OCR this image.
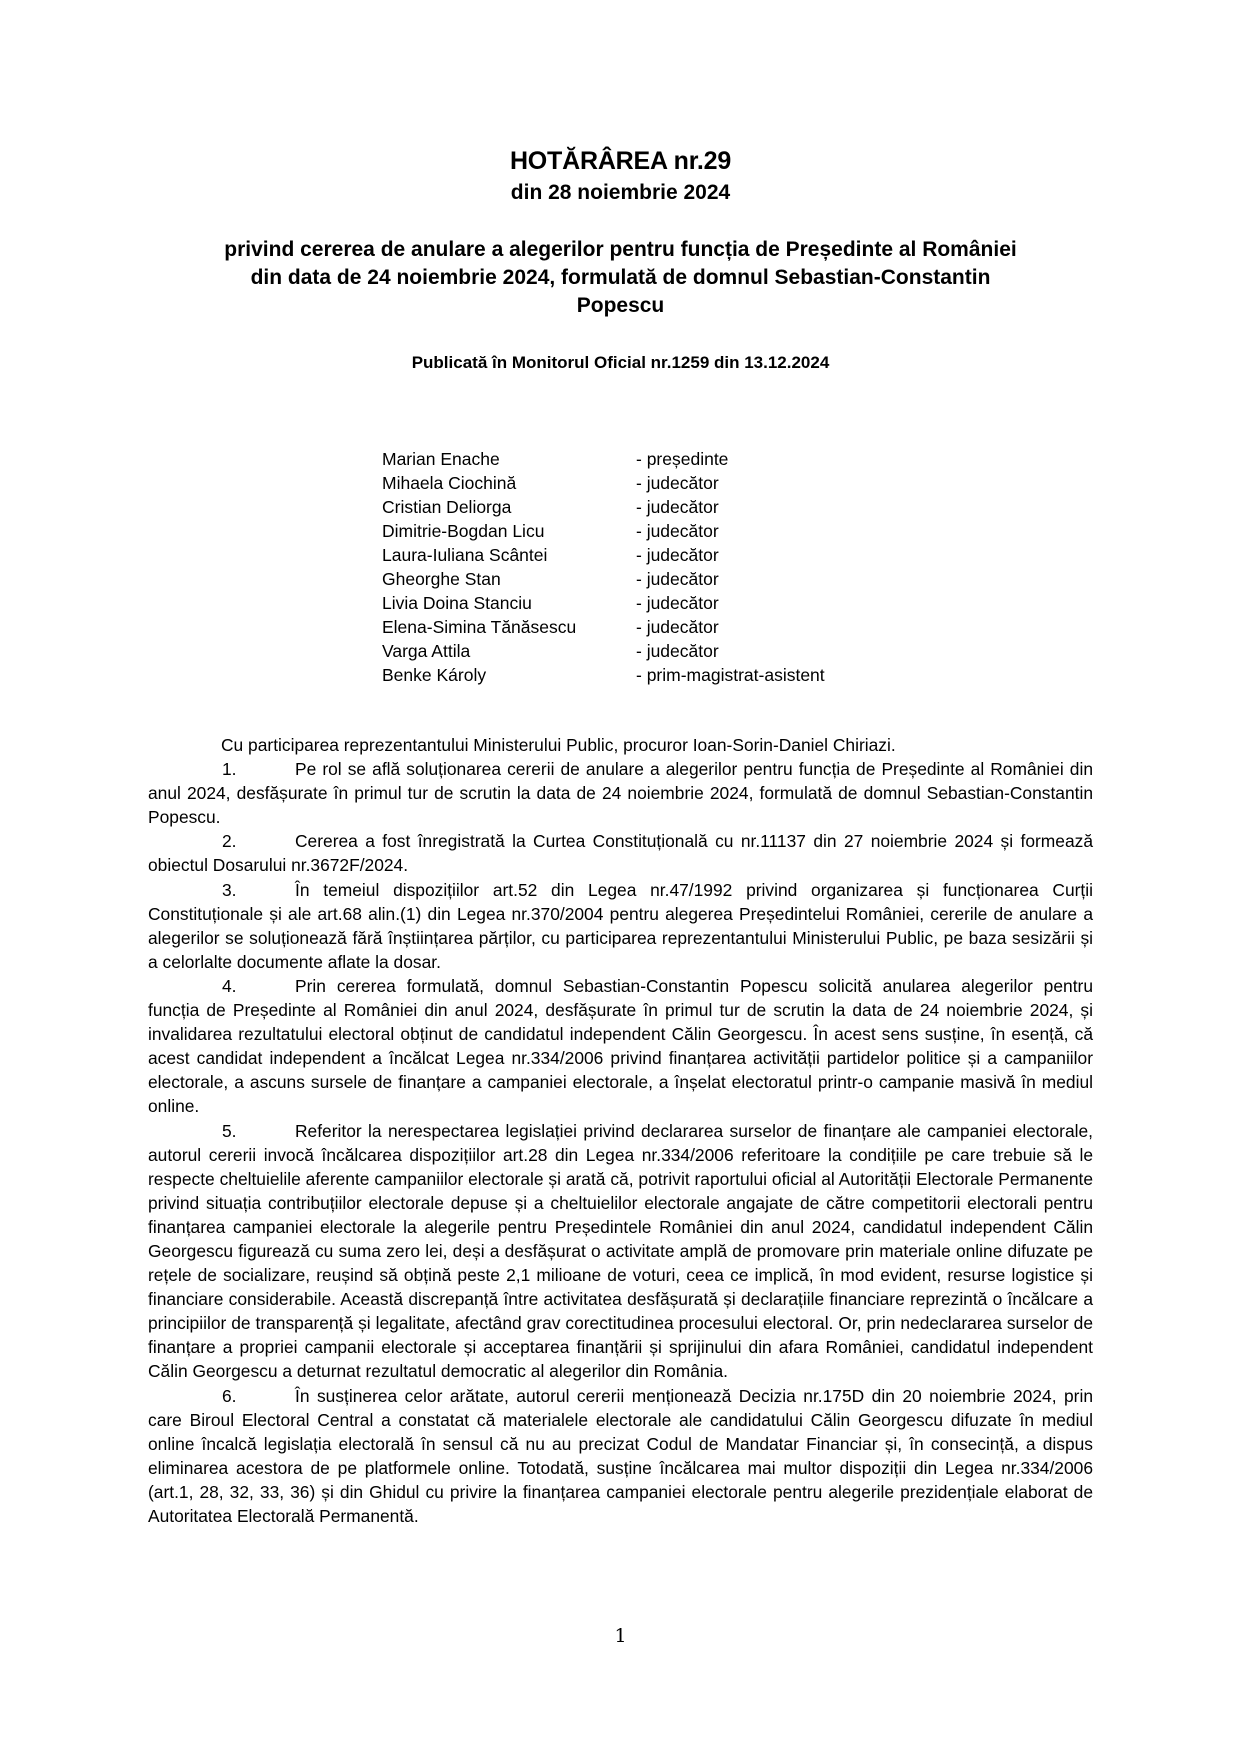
HOTĂRÂREA nr.29
din 28 noiembrie 2024
privind cererea de anulare a alegerilor pentru funcția de Președinte al României
din data de 24 noiembrie 2024, formulată de domnul Sebastian-Constantin
Popescu
Publicată în Monitorul Oficial nr.1259 din 13.12.2024
Marian Enache	- președinte
Mihaela Ciochină	- judecător
Cristian Deliorga	- judecător
Dimitrie-Bogdan Licu	- judecător
Laura-Iuliana Scântei	- judecător
Gheorghe Stan	- judecător
Livia Doina Stanciu	- judecător
Elena-Simina Tănăsescu	- judecător
Varga Attila	- judecător
Benke Károly	- prim-magistrat-asistent

Cu participarea reprezentantului Ministerului Public, procuror Ioan-Sorin-Daniel Chiriazi.

1.	Pe rol se află soluționarea cererii de anulare a alegerilor pentru funcția de Președinte al României din anul 2024, desfășurate în primul tur de scrutin la data de 24 noiembrie 2024, formulată de domnul Sebastian-Constantin Popescu.

2.	Cererea a fost înregistrată la Curtea Constituțională cu nr.11137 din 27 noiembrie 2024 și formează obiectul Dosarului nr.3672F/2024.

3.	În temeiul dispozițiilor art.52 din Legea nr.47/1992 privind organizarea și funcționarea Curții Constituționale și ale art.68 alin.(1) din Legea nr.370/2004 pentru alegerea Președintelui României, cererile de anulare a alegerilor se soluționează fără înștiințarea părților, cu participarea reprezentantului Ministerului Public, pe baza sesizării și a celorlalte documente aflate la dosar.

4.	Prin cererea formulată, domnul Sebastian-Constantin Popescu solicită anularea alegerilor pentru funcția de Președinte al României din anul 2024, desfășurate în primul tur de scrutin la data de 24 noiembrie 2024, și invalidarea rezultatului electoral obținut de candidatul independent Călin Georgescu. În acest sens susține, în esență, că acest candidat independent a încălcat Legea nr.334/2006 privind finanțarea activității partidelor politice și a campaniilor electorale, a ascuns sursele de finanțare a campaniei electorale, a înșelat electoratul printr-o campanie masivă în mediul online.

5.	Referitor la nerespectarea legislației privind declararea surselor de finanțare ale campaniei electorale, autorul cererii invocă încălcarea dispozițiilor art.28 din Legea nr.334/2006 referitoare la condițiile pe care trebuie să le respecte cheltuielile aferente campaniilor electorale și arată că, potrivit raportului oficial al Autorității Electorale Permanente privind situația contribuțiilor electorale depuse și a cheltuielilor electorale angajate de către competitorii electorali pentru finanțarea campaniei electorale la alegerile pentru Președintele României din anul 2024, candidatul independent Călin Georgescu figurează cu suma zero lei, deși a desfășurat o activitate amplă de promovare prin materiale online difuzate pe rețele de socializare, reușind să obțină peste 2,1 milioane de voturi, ceea ce implică, în mod evident, resurse logistice și financiare considerabile. Această discrepanță între activitatea desfășurată și declarațiile financiare reprezintă o încălcare a principiilor de transparență și legalitate, afectând grav corectitudinea procesului electoral. Or, prin nedeclararea surselor de finanțare a propriei campanii electorale și acceptarea finanțării și sprijinului din afara României, candidatul independent Călin Georgescu a deturnat rezultatul democratic al alegerilor din România.

6.	În susținerea celor arătate, autorul cererii menționează Decizia nr.175D din 20 noiembrie 2024, prin care Biroul Electoral Central a constatat că materialele electorale ale candidatului Călin Georgescu difuzate în mediul online încalcă legislația electorală în sensul că nu au precizat Codul de Mandatar Financiar și, în consecință, a dispus eliminarea acestora de pe platformele online. Totodată, susține încălcarea mai multor dispoziții din Legea nr.334/2006 (art.1, 28, 32, 33, 36) și din Ghidul cu privire la finanțarea campaniei electorale pentru alegerile prezidențiale elaborat de Autoritatea Electorală Permanentă.

1
